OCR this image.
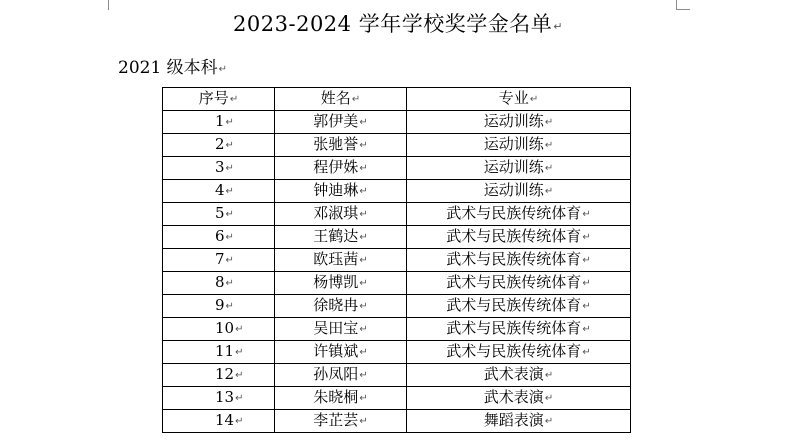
2023-2024 学年学校奖学金名单↵
2021 级本科↵
序号↵	姓名↵	专业↵
1↵	郭伊美↵	运动训练↵
2↵	张驰誉↵	运动训练↵
3↵	程伊姝↵	运动训练↵
4↵	钟迪琳↵	运动训练↵
5↵	邓淑琪↵	武术与民族传统体育↵
6↵	王鹤达↵	武术与民族传统体育↵
7↵	欧珏茜↵	武术与民族传统体育↵
8↵	杨博凯↵	武术与民族传统体育↵
9↵	徐晓冉↵	武术与民族传统体育↵
10↵	吴田宝↵	武术与民族传统体育↵
11↵	许镇斌↵	武术与民族传统体育↵
12↵	孙凤阳↵	武术表演↵
13↵	朱晓桐↵	武术表演↵
14↵	李芷芸↵	舞蹈表演↵
